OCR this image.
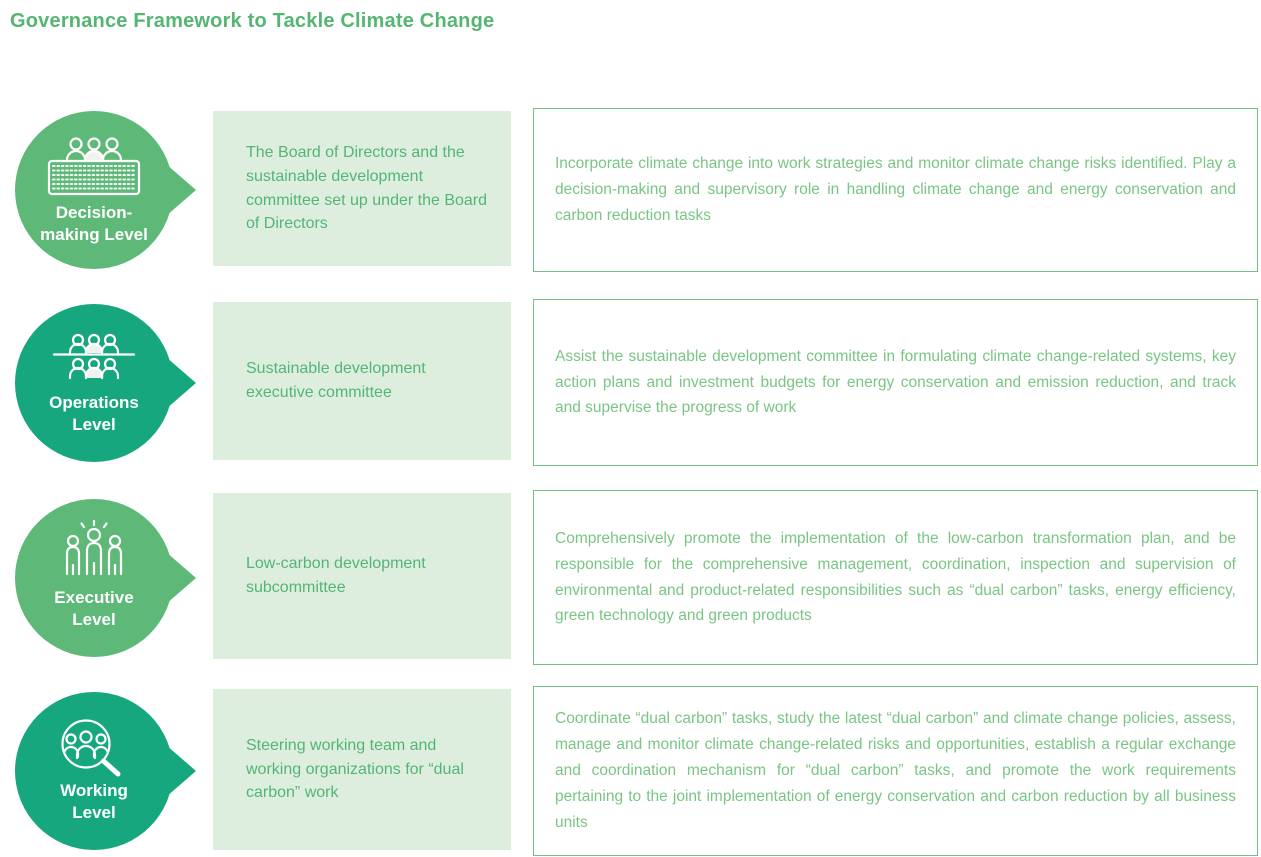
Governance Framework to Tackle Climate Change
Decision-
making Level
The Board of Directors and the sustainable development committee set up under the Board of Directors
Incorporate climate change into work strategies and monitor climate change risks identified. Play a decision-making and supervisory role in handling climate change and energy conservation and carbon reduction tasks
Operations
Level
Sustainable development executive committee
Assist the sustainable development committee in formulating climate change-related systems, key action plans and investment budgets for energy conservation and emission reduction, and track and supervise the progress of work
Executive
Level
Low-carbon development subcommittee
Comprehensively promote the implementation of the low-carbon transformation plan, and be responsible for the comprehensive management, coordination, inspection and supervision of environmental and product-related responsibilities such as “dual carbon” tasks, energy efficiency, green technology and green products
Working
Level
Steering working team and working organizations for “dual carbon” work
Coordinate “dual carbon” tasks, study the latest “dual carbon” and climate change policies, assess, manage and monitor climate change-related risks and opportunities, establish a regular exchange and coordination mechanism for “dual carbon” tasks, and promote the work requirements pertaining to the joint implementation of energy conservation and carbon reduction by all business units
